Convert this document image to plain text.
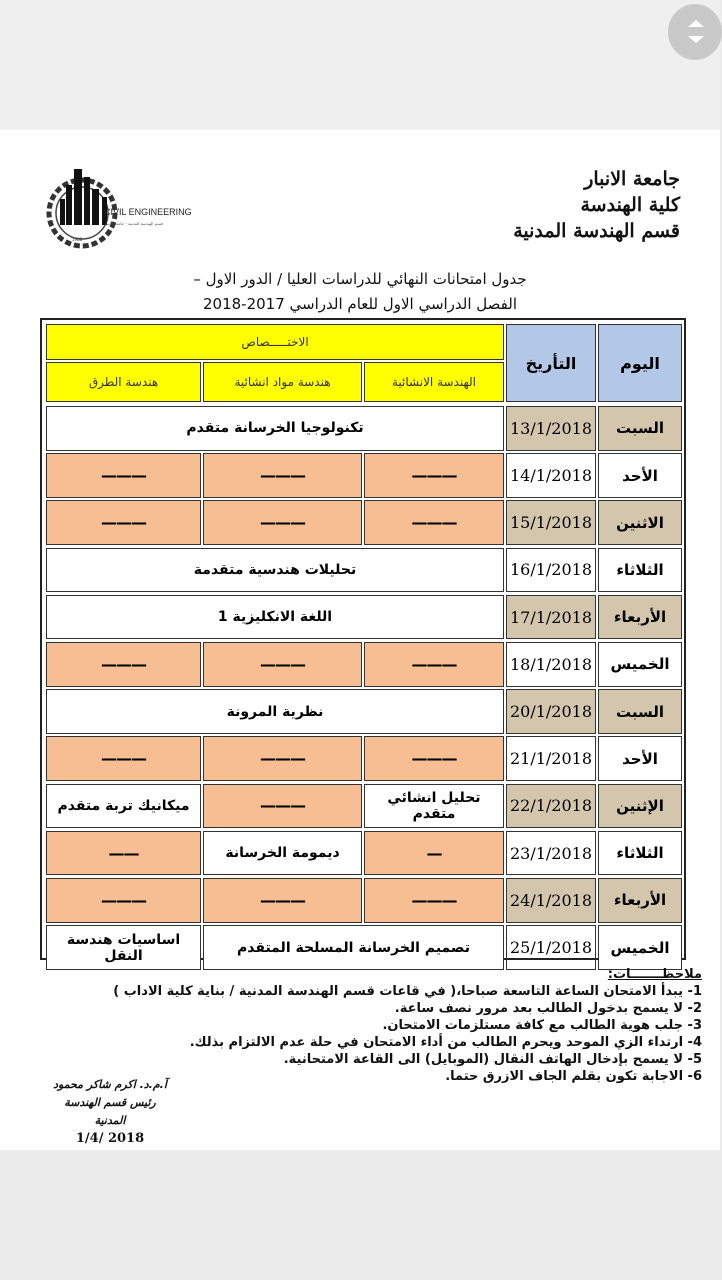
جامعة الانبار
كلية الهندسة
قسم الهندسة المدنية
CIVIL ENGINEERING
قسم الهندسة المدنية - جامعة الانبار
1988
جدول امتحانات النهائي للدراسات العليا / الدور الاول –
الفصل الدراسي الاول للعام الدراسي 2017-2018
اليوم
التأريخ
الاختـــــصاص
الهندسة الانشائية
هندسة مواد انشائية
هندسة الطرق
السبت
13/1/2018
تكنولوجيا الخرسانة متقدم
الأحد
14/1/2018
———
———
———
الاثنين
15/1/2018
———
———
———
الثلاثاء
16/1/2018
تحليلات هندسية متقدمة
الأربعاء
17/1/2018
اللغة الانكليزية 1
الخميس
18/1/2018
———
———
———
السبت
20/1/2018
نظرية المرونة
الأحد
21/1/2018
———
———
———
الإثنين
22/1/2018
تحليل انشائي متقدم
———
ميكانيك تربة متقدم
الثلاثاء
23/1/2018
—
ديمومة الخرسانة
——
الأربعاء
24/1/2018
———
———
———
الخميس
25/1/2018
تصميم الخرسانة المسلحة المتقدم
اساسيات هندسة النقل
ملاحظـــــــات:
1- يبدأ الامتحان الساعة التاسعة صباحا،( في قاعات قسم الهندسة المدنية / بناية كلية الاداب )
2- لا يسمح بدخول الطالب بعد مرور نصف ساعة.
3- جلب هوية الطالب مع كافة مستلزمات الامتحان.
4- ارتداء الزي الموحد ويحرم الطالب من أداء الامتحان في حلة عدم الالتزام بذلك.
5- لا يسمح بإدخال الهاتف النقال (الموبايل) الى القاعة الامتحانية.
6- الاجابة تكون بقلم الجاف الازرق حتما.
آ.م.د. اكرم شاكر محمود
رئيس قسم الهندسة المدنية
2018 /1/4
